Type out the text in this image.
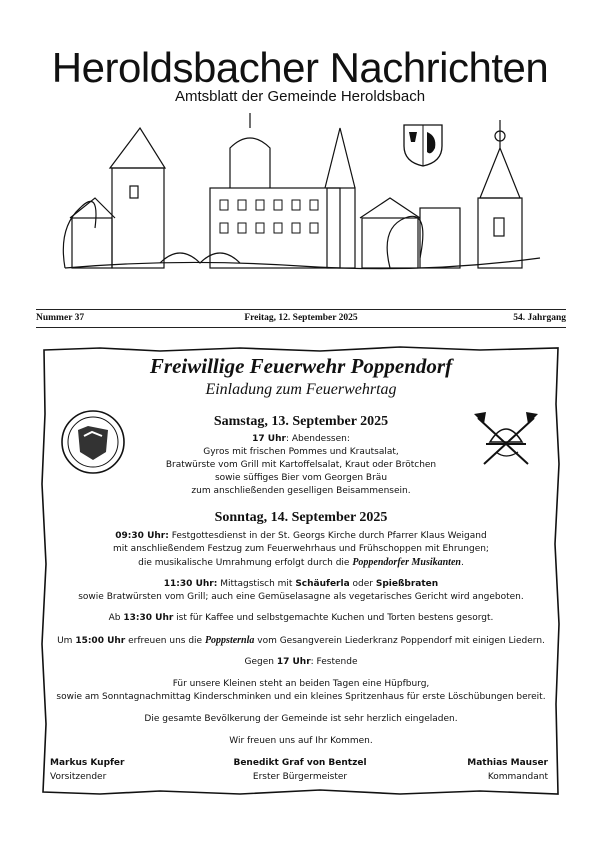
Heroldsbacher Nachrichten
Amtsblatt der Gemeinde Heroldsbach
Nummer 37	Freitag, 12. September 2025	54. Jahrgang
Freiwillige Feuerwehr Poppendorf
Einladung zum Feuerwehrtag
Samstag, 13. September 2025
17 Uhr: Abendessen:
Gyros mit frischen Pommes und Krautsalat,
Bratwürste vom Grill mit Kartoffelsalat, Kraut oder Brötchen
sowie süffiges Bier vom Georgen Bräu
zum anschließenden geselligen Beisammensein.
Sonntag, 14. September 2025
09:30 Uhr: Festgottesdienst in der St. Georgs Kirche durch Pfarrer Klaus Weigand
mit anschließendem Festzug zum Feuerwehrhaus und Frühschoppen mit Ehrungen;
die musikalische Umrahmung erfolgt durch die Poppendorfer Musikanten.
11:30 Uhr: Mittagstisch mit Schäuferla oder Spießbraten
sowie Bratwürsten vom Grill; auch eine Gemüselasagne als vegetarisches Gericht wird angeboten.
Ab 13:30 Uhr ist für Kaffee und selbstgemachte Kuchen und Torten bestens gesorgt.
Um 15:00 Uhr erfreuen uns die Poppsternla vom Gesangverein Liederkranz Poppendorf mit einigen Liedern.
Gegen 17 Uhr: Festende
Für unsere Kleinen steht an beiden Tagen eine Hüpfburg,
sowie am Sonntagnachmittag Kinderschminken und ein kleines Spritzenhaus für erste Löschübungen bereit.
Die gesamte Bevölkerung der Gemeinde ist sehr herzlich eingeladen.
Wir freuen uns auf Ihr Kommen.
Markus Kupfer
Vorsitzender
Benedikt Graf von Bentzel
Erster Bürgermeister
Mathias Mauser
Kommandant
